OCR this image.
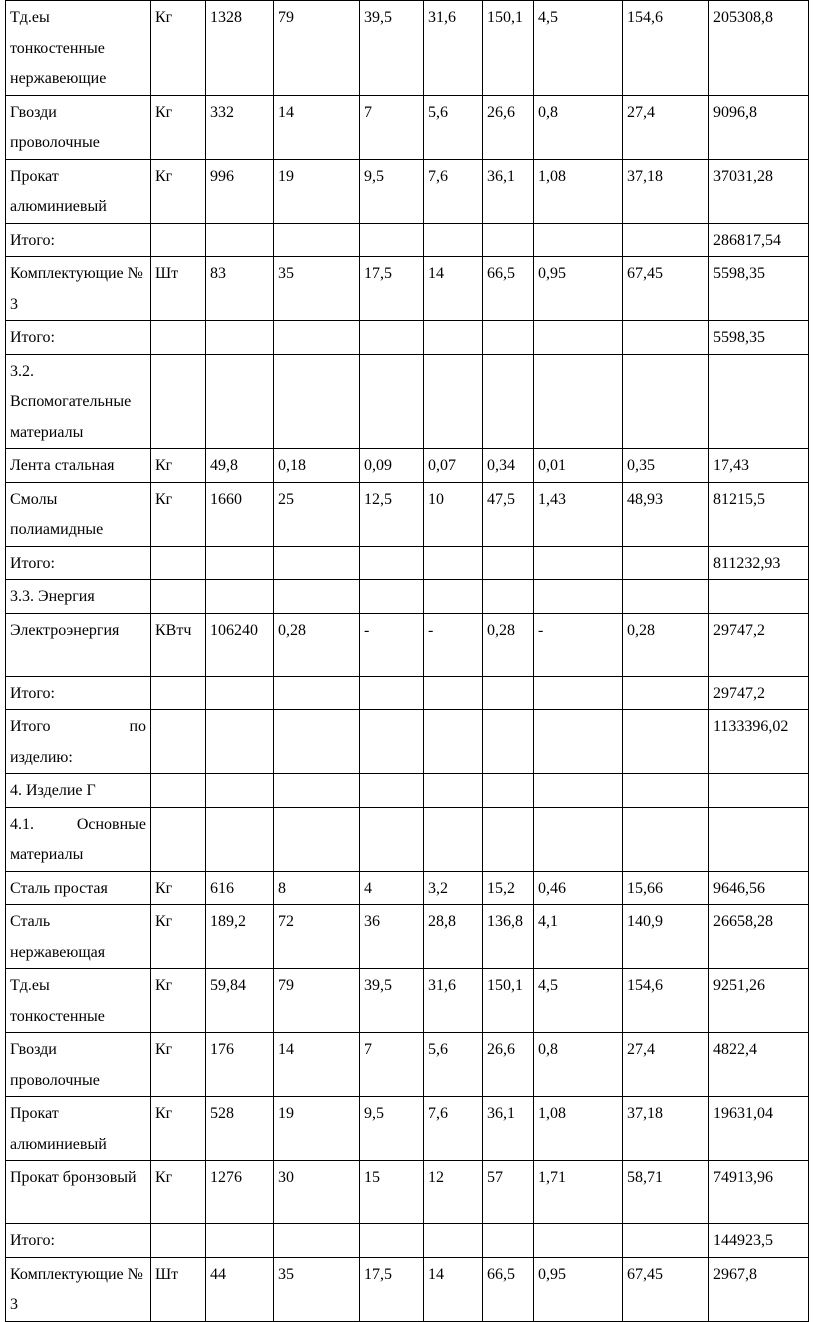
Тд.еы тонкостенные нержавеющие	Кг	1328	79	39,5	31,6	150,1	4,5	154,6	205308,8
Гвозди проволочные	Кг	332	14	7	5,6	26,6	0,8	27,4	9096,8
Прокат алюминиевый	Кг	996	19	9,5	7,6	36,1	1,08	37,18	37031,28
Итого:									286817,54
Комплектующие № 3	Шт	83	35	17,5	14	66,5	0,95	67,45	5598,35
Итого:									5598,35
3.2. Вспомогательные материалы									
Лента стальная	Кг	49,8	0,18	0,09	0,07	0,34	0,01	0,35	17,43
Смолы полиамидные	Кг	1660	25	12,5	10	47,5	1,43	48,93	81215,5
Итого:									811232,93
3.3. Энергия									
Электроэнергия	КВтч	106240	0,28	-	-	0,28	-	0,28	29747,2
Итого:									29747,2

Итого по
изделию:									1133396,02
4. Изделие Г									

4.1. Основные
материалы									

Сталь простая	Кг	616	8	4	3,2	15,2	0,46	15,66	9646,56
Сталь нержавеющая	Кг	189,2	72	36	28,8	136,8	4,1	140,9	26658,28
Тд.еы тонкостенные	Кг	59,84	79	39,5	31,6	150,1	4,5	154,6	9251,26
Гвозди проволочные	Кг	176	14	7	5,6	26,6	0,8	27,4	4822,4
Прокат алюминиевый	Кг	528	19	9,5	7,6	36,1	1,08	37,18	19631,04
Прокат бронзовый	Кг	1276	30	15	12	57	1,71	58,71	74913,96
Итого:									144923,5
Комплектующие № 3	Шт	44	35	17,5	14	66,5	0,95	67,45	2967,8
